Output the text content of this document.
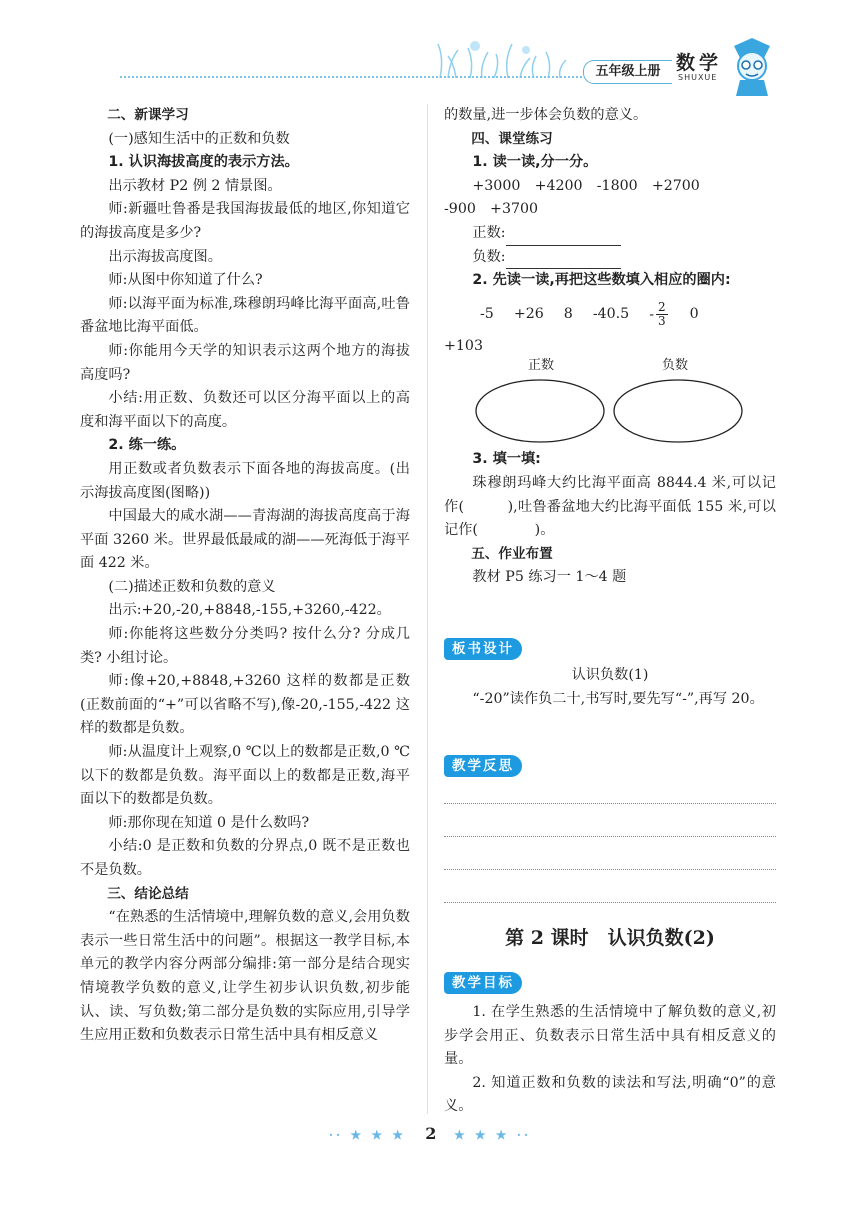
五年级上册 数学
SHUXUE

二、新课学习

(一)感知生活中的正数和负数

1. 认识海拔高度的表示方法。

出示教材 P2 例 2 情景图。

师:新疆吐鲁番是我国海拔最低的地区,你知道它的海拔高度是多少?

出示海拔高度图。

师:从图中你知道了什么?

师:以海平面为标准,珠穆朗玛峰比海平面高,吐鲁番盆地比海平面低。

师:你能用今天学的知识表示这两个地方的海拔高度吗?

小结:用正数、负数还可以区分海平面以上的高度和海平面以下的高度。

2. 练一练。

用正数或者负数表示下面各地的海拔高度。(出示海拔高度图(图略))

中国最大的咸水湖——青海湖的海拔高度高于海平面 3260 米。世界最低最咸的湖——死海低于海平面 422 米。

(二)描述正数和负数的意义

出示:+20,-20,+8848,-155,+3260,-422。

师:你能将这些数分分类吗? 按什么分? 分成几类? 小组讨论。

师:像+20,+8848,+3260 这样的数都是正数(正数前面的“+”可以省略不写),像-20,-155,-422 这样的数都是负数。

师:从温度计上观察,0 ℃以上的数都是正数,0 ℃以下的数都是负数。海平面以上的数都是正数,海平面以下的数都是负数。

师:那你现在知道 0 是什么数吗?

小结:0 是正数和负数的分界点,0 既不是正数也不是负数。

三、结论总结

“在熟悉的生活情境中,理解负数的意义,会用负数表示一些日常生活中的问题”。根据这一教学目标,本单元的教学内容分两部分编排:第一部分是结合现实情境教学负数的意义,让学生初步认识负数,初步能认、读、写负数;第二部分是负数的实际应用,引导学生应用正数和负数表示日常生活中具有相反意义

的数量,进一步体会负数的意义。

四、课堂练习

1. 读一读,分一分。

+3000　+4200　-1800　+2700

-900　+3700

正数:

负数:

2. 先读一读,再把这些数填入相应的圈内:

-5 +26 8 $-40.5 - \frac{2}{3} 0$

+103

正数	负数

3. 填一填:

珠穆朗玛峰大约比海平面高 8844.4 米,可以记作(　　　),吐鲁番盆地大约比海平面低 155 米,可以记作(　　　　)。

五、作业布置

教材 P5 练习一 1～4 题

板书设计

认识负数(1)

“-20”读作负二十,书写时,要先写“-”,再写 20。

教学反思
第 2 课时　认识负数(2)
教学目标

1. 在学生熟悉的生活情境中了解负数的意义,初步学会用正、负数表示日常生活中具有相反意义的量。

2. 知道正数和负数的读法和写法,明确“0”的意义。

·· ★ ★ ★ 2 ★ ★ ★ ··
